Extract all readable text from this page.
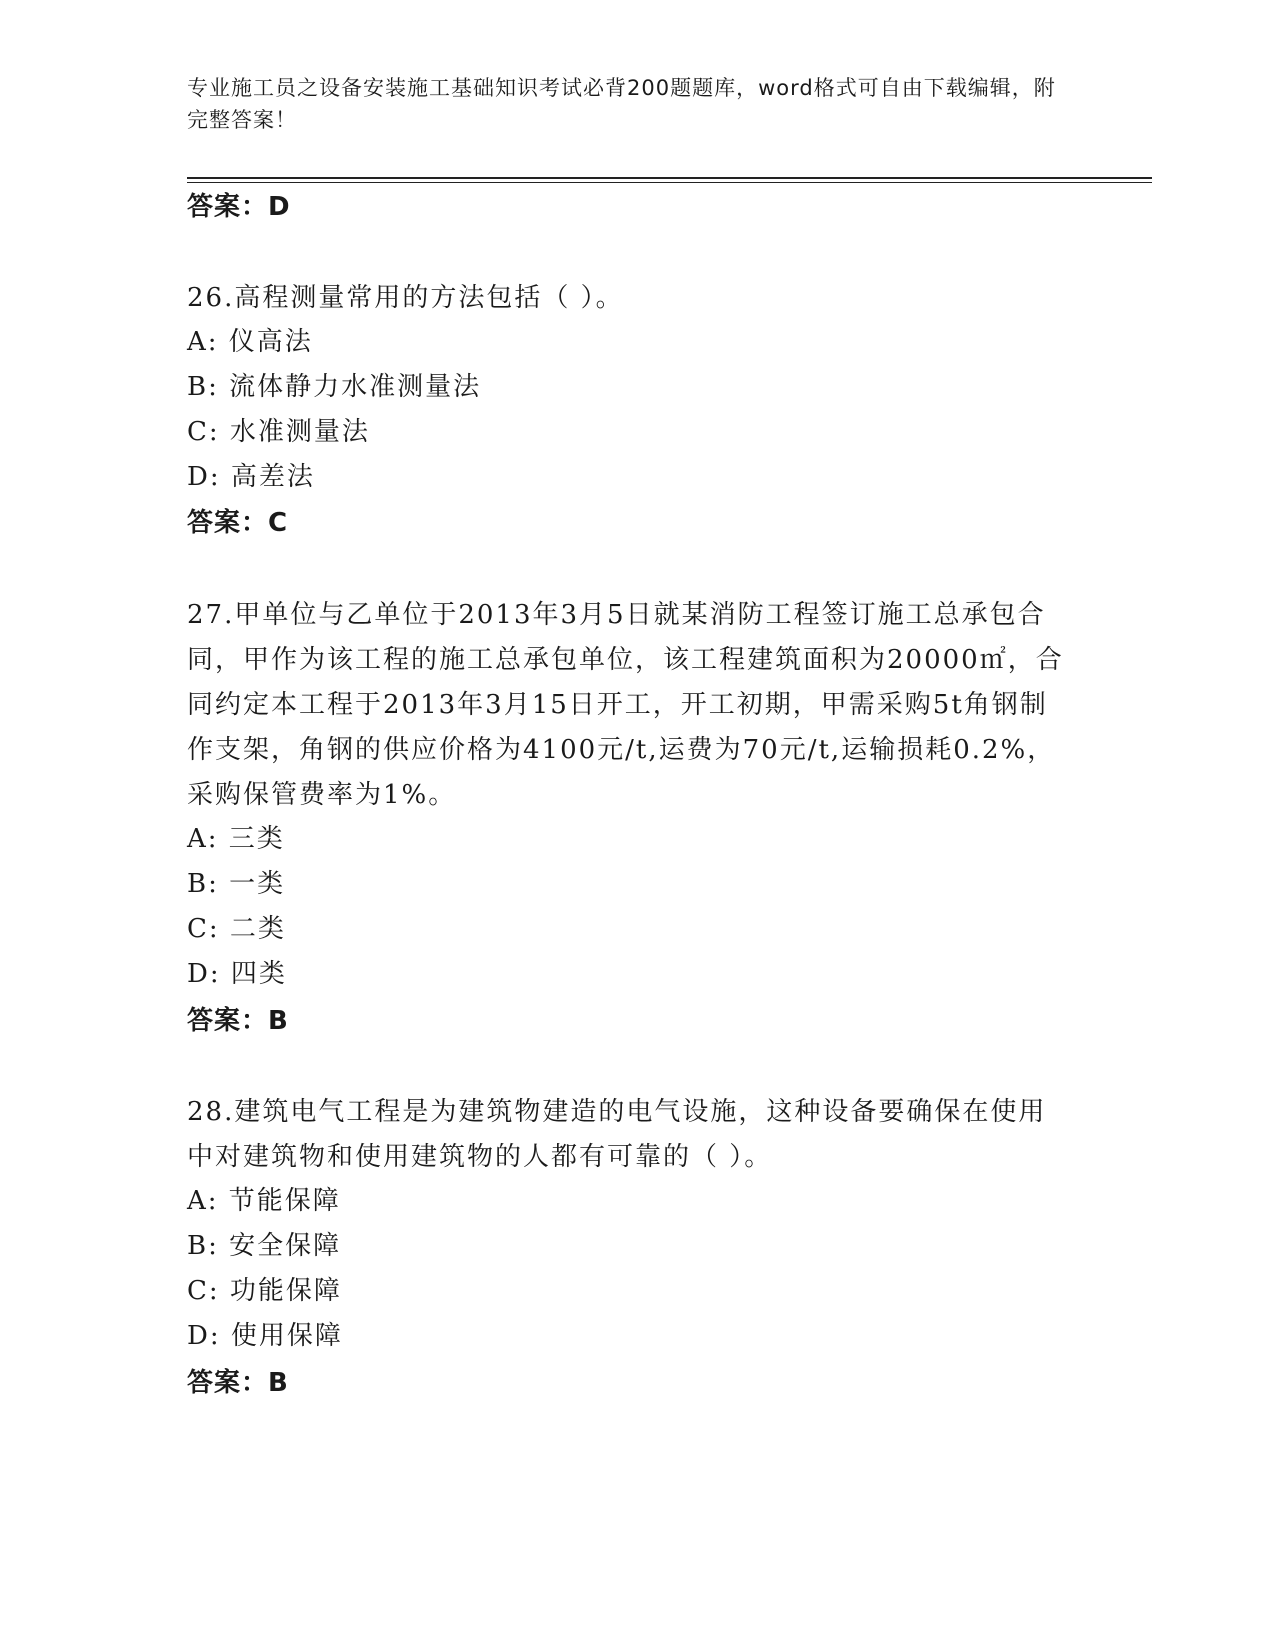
专业施工员之设备安装施工基础知识考试必背200题题库，word格式可自由下载编辑，附完整答案！
答案：D
26.高程测量常用的方法包括（ ）。
A: 仪高法
B: 流体静力水准测量法
C: 水准测量法
D: 高差法
答案：C
27.甲单位与乙单位于2013年3月5日就某消防工程签订施工总承包合同，甲作为该工程的施工总承包单位，该工程建筑面积为20000㎡，合同约定本工程于2013年3月15日开工，开工初期，甲需采购5t角钢制作支架，角钢的供应价格为4100元/t,运费为70元/t,运输损耗0.2%，采购保管费率为1%。
A: 三类
B: 一类
C: 二类
D: 四类
答案：B
28.建筑电气工程是为建筑物建造的电气设施，这种设备要确保在使用中对建筑物和使用建筑物的人都有可靠的（ ）。
A: 节能保障
B: 安全保障
C: 功能保障
D: 使用保障
答案：B
